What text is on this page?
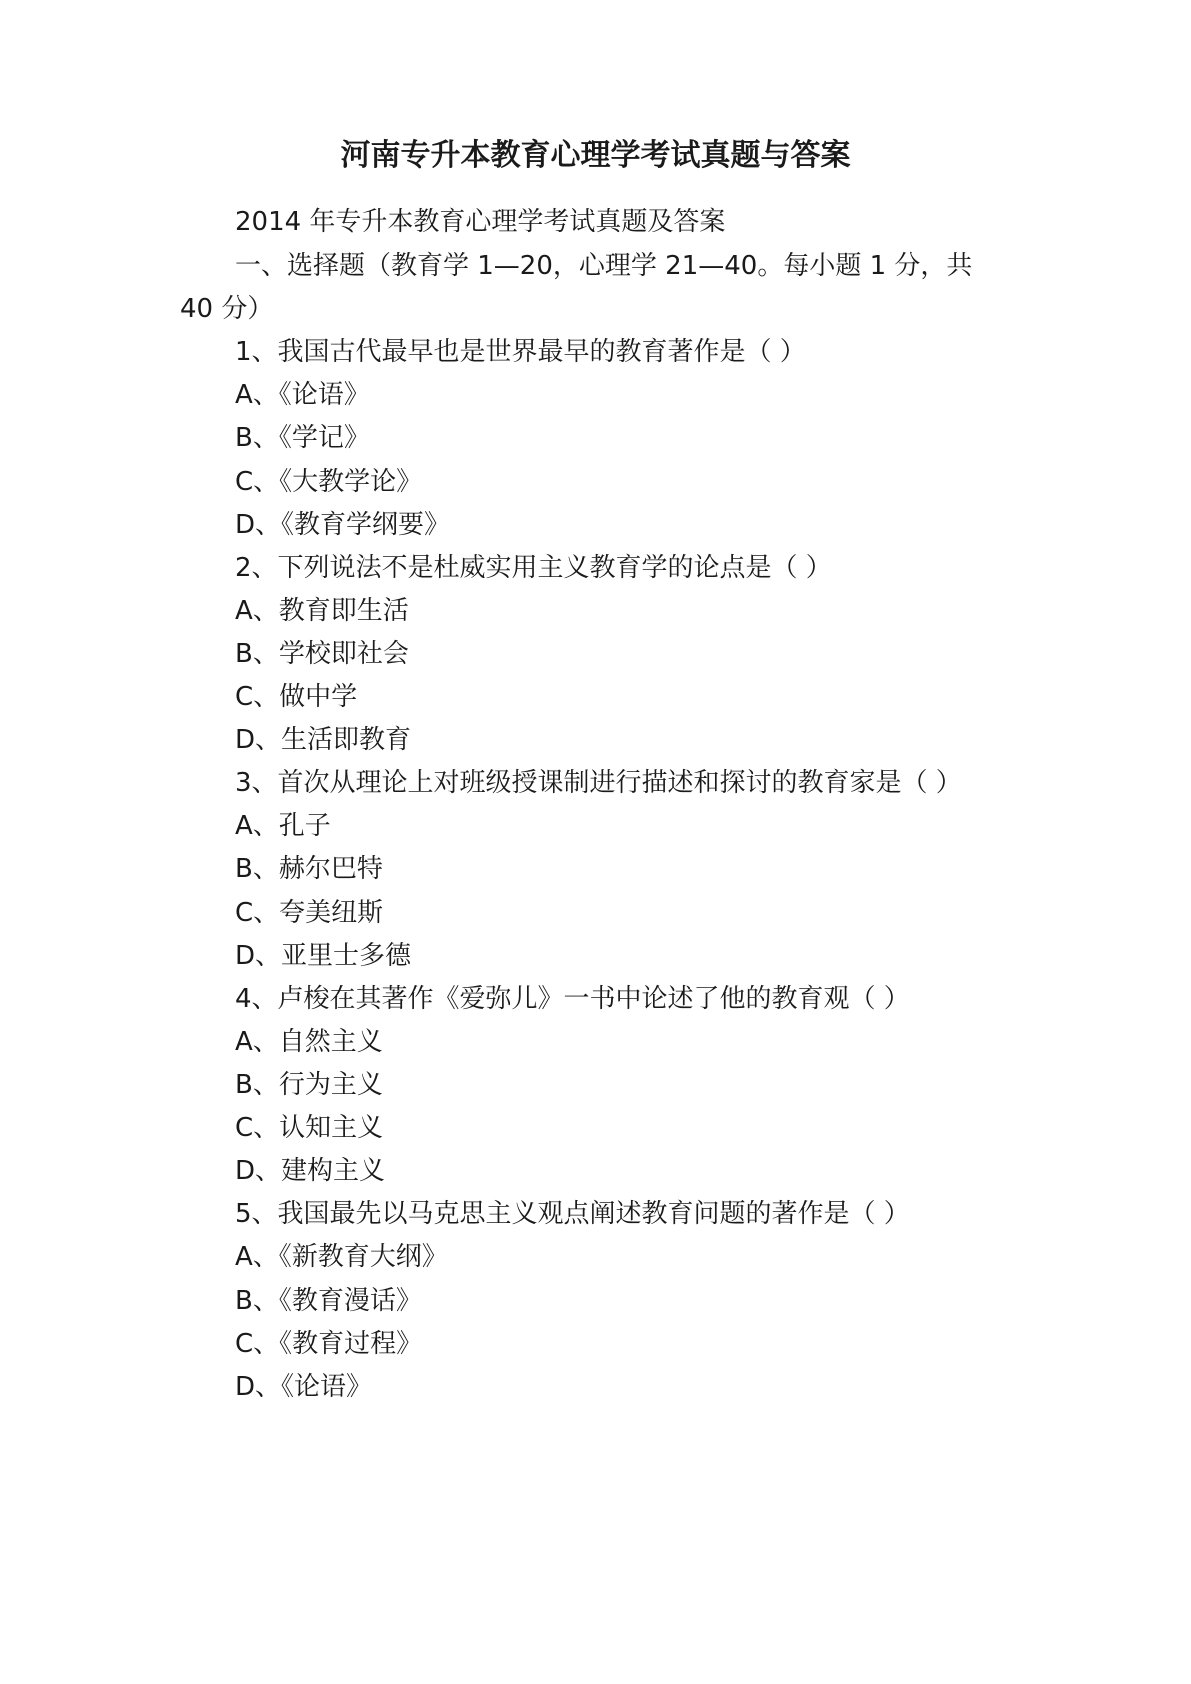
河南专升本教育心理学考试真题与答案

2014 年专升本教育心理学考试真题及答案

一、选择题（教育学 1—20，心理学 21—40。每小题 1 分，共

40 分）

1、我国古代最早也是世界最早的教育著作是（ ）

A、《论语》

B、《学记》

C、《大教学论》

D、《教育学纲要》

2、下列说法不是杜威实用主义教育学的论点是（ ）

A、教育即生活

B、学校即社会

C、做中学

D、生活即教育

3、首次从理论上对班级授课制进行描述和探讨的教育家是（ ）

A、孔子

B、赫尔巴特

C、夸美纽斯

D、亚里士多德

4、卢梭在其著作《爱弥儿》一书中论述了他的教育观（ ）

A、自然主义

B、行为主义

C、认知主义

D、建构主义

5、我国最先以马克思主义观点阐述教育问题的著作是（ ）

A、《新教育大纲》

B、《教育漫话》

C、《教育过程》

D、《论语》
